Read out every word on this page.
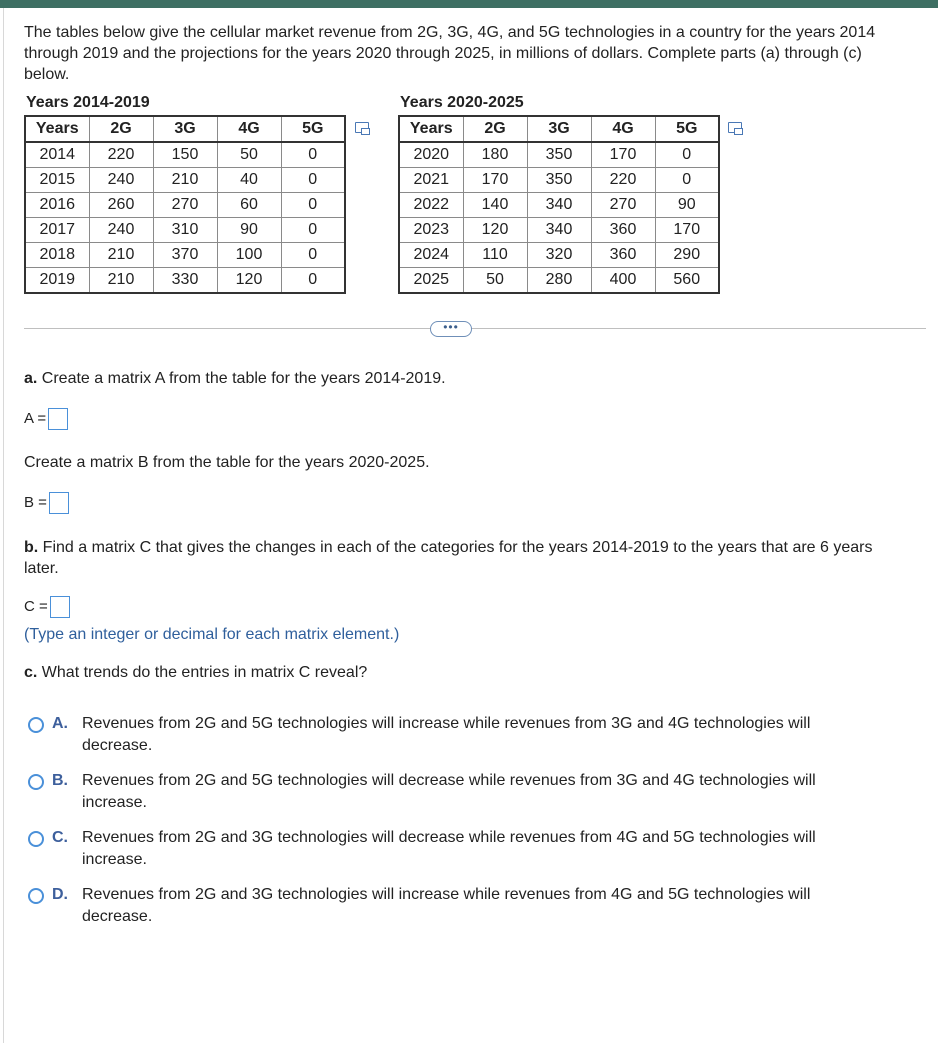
The tables below give the cellular market revenue from 2G, 3G, 4G, and 5G technologies in a country for the years 2014 through 2019 and the projections for the years 2020 through 2025, in millions of dollars. Complete parts (a) through (c) below.
Years 2014-2019
Years	2G	3G	4G	5G
2014	220	150	50	0
2015	240	210	40	0
2016	260	270	60	0
2017	240	310	90	0
2018	210	370	100	0
2019	210	330	120	0
Years 2020-2025
Years	2G	3G	4G	5G
2020	180	350	170	0
2021	170	350	220	0
2022	140	340	270	90
2023	120	340	360	170
2024	110	320	360	290
2025	50	280	400	560
•••
a. Create a matrix A from the table for the years 2014-2019.
A =
Create a matrix B from the table for the years 2020-2025.
B =
b. Find a matrix C that gives the changes in each of the categories for the years 2014-2019 to the years that are 6 years later.
C =
(Type an integer or decimal for each matrix element.)
c. What trends do the entries in matrix C reveal?
A. Revenues from 2G and 5G technologies will increase while revenues from 3G and 4G technologies will decrease.
B. Revenues from 2G and 5G technologies will decrease while revenues from 3G and 4G technologies will increase.
C. Revenues from 2G and 3G technologies will decrease while revenues from 4G and 5G technologies will increase.
D. Revenues from 2G and 3G technologies will increase while revenues from 4G and 5G technologies will decrease.
